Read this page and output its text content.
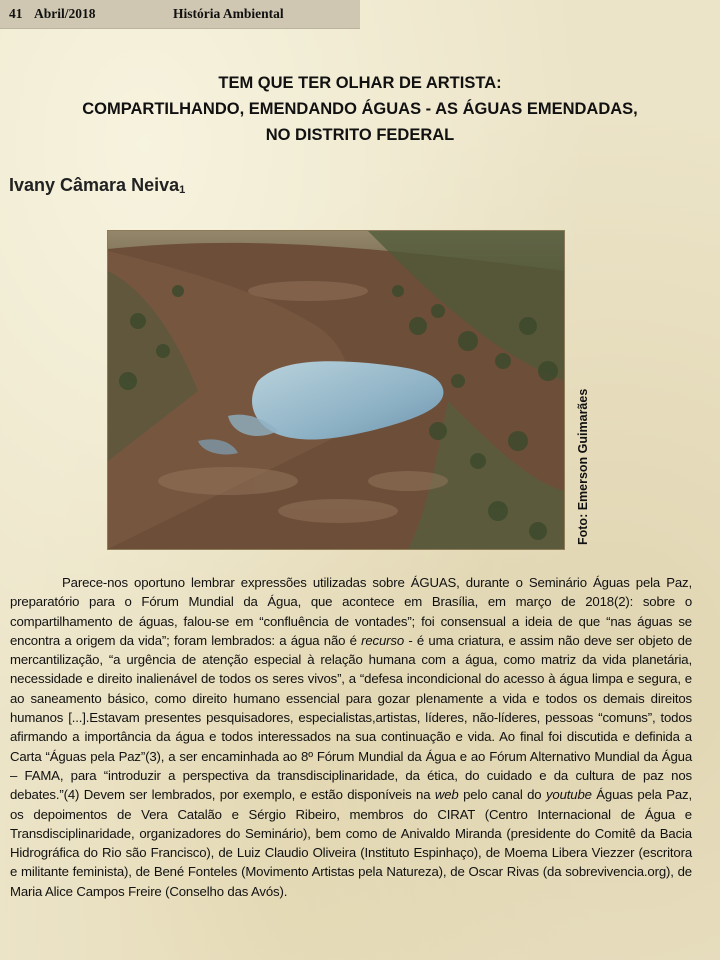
41 Abril/2018	História Ambiental
TEM QUE TER OLHAR DE ARTISTA:
COMPARTILHANDO, EMENDANDO ÁGUAS - AS ÁGUAS EMENDADAS,
NO DISTRITO FEDERAL
Ivany Câmara Neiva$_1$
Foto: Emerson Guimarães

Parece-nos oportuno lembrar expressões utilizadas sobre ÁGUAS, durante o Seminário Águas pela Paz, preparatório para o Fórum Mundial da Água, que acontece em Brasília, em março de 2018(2): sobre o compartilhamento de águas, falou-se em “confluência de vontades”; foi consensual a ideia de que “nas águas se encontra a origem da vida”; foram lembrados: a água não é recurso - é uma criatura, e assim não deve ser objeto de mercantilização, “a urgência de atenção especial à relação humana com a água, como matriz da vida planetária, necessidade e direito inalienável de todos os seres vivos”, a “defesa incondicional do acesso à água limpa e segura, e ao saneamento básico, como direito humano essencial para gozar plenamente a vida e todos os demais direitos humanos [...].Estavam presentes pesquisadores, especialistas,artistas, líderes, não-líderes, pessoas “comuns”, todos afirmando a importância da água e todos interessados na sua continuação e vida. Ao final foi discutida e definida a Carta “Águas pela Paz”(3), a ser encaminhada ao 8º Fórum Mundial da Água e ao Fórum Alternativo Mundial da Água – FAMA, para “introduzir a perspectiva da transdisciplinaridade, da ética, do cuidado e da cultura de paz nos debates.”(4) Devem ser lembrados, por exemplo, e estão disponíveis na web pelo canal do youtube Águas pela Paz, os depoimentos de Vera Catalão e Sérgio Ribeiro, membros do CIRAT (Centro Internacional de Água e Transdisciplinaridade, organizadores do Seminário), bem como de Anivaldo Miranda (presidente do Comitê da Bacia Hidrográfica do Rio são Francisco), de Luiz Claudio Oliveira (Instituto Espinhaço), de Moema Libera Viezzer (escritora e militante feminista), de Bené Fonteles (Movimento Artistas pela Natureza), de Oscar Rivas (da sobrevivencia.org), de Maria Alice Campos Freire (Conselho das Avós).
